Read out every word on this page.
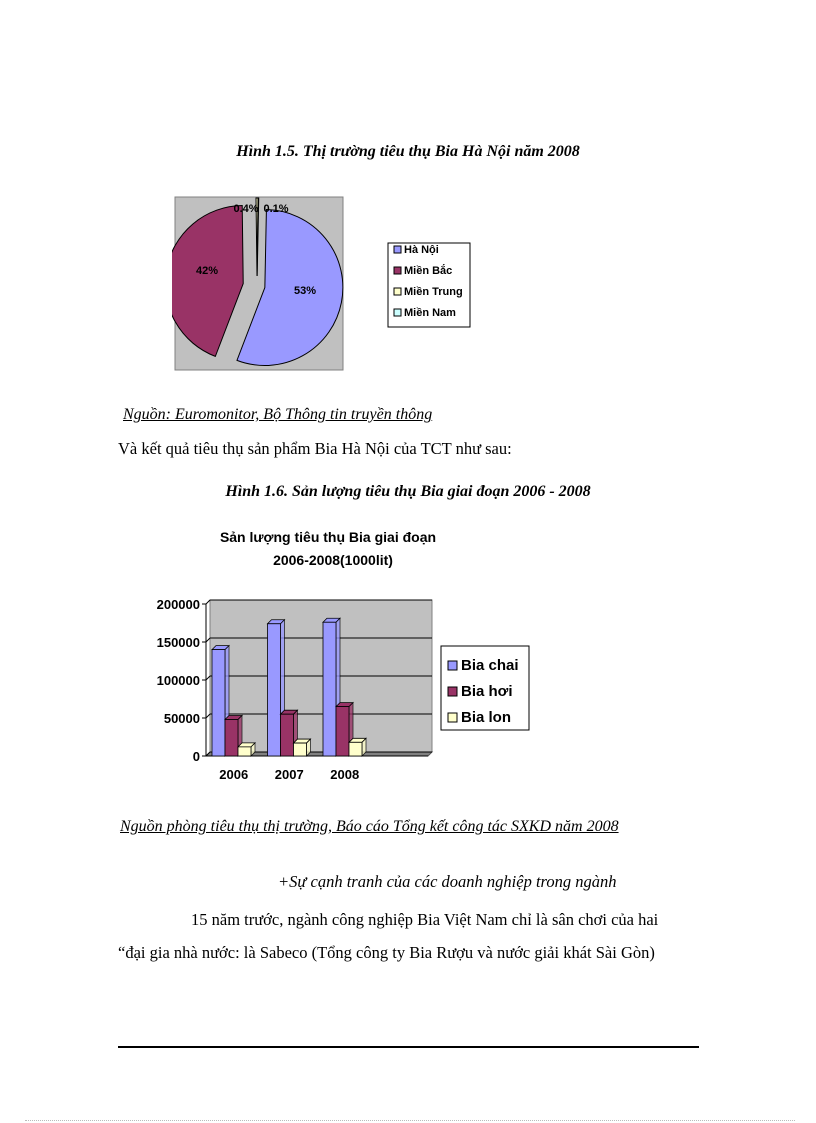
Hình 1.5. Thị trường tiêu thụ Bia Hà Nội năm 2008
53%
42%
0.4% 0.1%
Hà Nội
Miền Bắc
Miền Trung
Miền Nam
Nguồn: Euromonitor, Bộ Thông tin truyền thông
Và kết quả tiêu thụ sản phẩm Bia Hà Nội của TCT như sau:
Hình 1.6. Sản lượng tiêu thụ Bia giai đoạn 2006 - 2008
Sản lượng tiêu thụ Bia giai đoạn
2006-2008(1000lit)
0
50000
100000
150000
200000
2006 2007 2008
Bia chai
Bia hơi
Bia lon
Nguồn phòng tiêu thụ thị trường, Báo cáo Tổng kết công tác SXKD năm 2008
+Sự cạnh tranh của các doanh nghiệp trong ngành
15 năm trước, ngành công nghiệp Bia Việt Nam chỉ là sân chơi của hai
“đại gia nhà nước: là Sabeco (Tổng công ty Bia Rượu và nước giải khát Sài Gòn)
